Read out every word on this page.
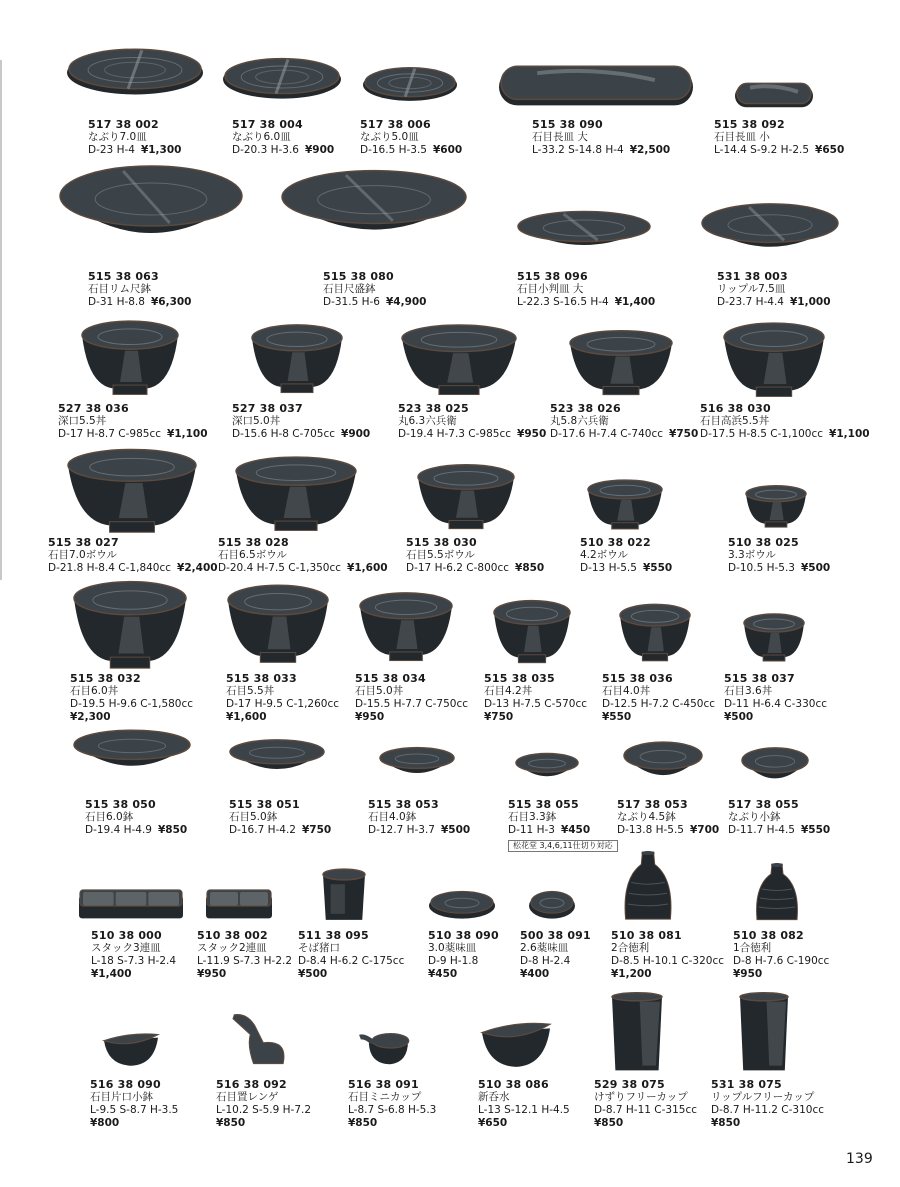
517 38 002
なぶり7.0皿
D-23 H-4 ¥1,300
517 38 004
なぶり6.0皿
D-20.3 H-3.6 ¥900
517 38 006
なぶり5.0皿
D-16.5 H-3.5 ¥600
515 38 090
石目長皿 大
L-33.2 S-14.8 H-4 ¥2,500
515 38 092
石目長皿 小
L-14.4 S-9.2 H-2.5 ¥650
515 38 063
石目リム尺鉢
D-31 H-8.8 ¥6,300
515 38 080
石目尺盛鉢
D-31.5 H-6 ¥4,900
515 38 096
石目小判皿 大
L-22.3 S-16.5 H-4 ¥1,400
531 38 003
リップル7.5皿
D-23.7 H-4.4 ¥1,000
527 38 036
深口5.5丼
D-17 H-8.7 C-985cc ¥1,100
527 38 037
深口5.0丼
D-15.6 H-8 C-705cc ¥900
523 38 025
丸6.3六兵衛
D-19.4 H-7.3 C-985cc ¥950
523 38 026
丸5.8六兵衛
D-17.6 H-7.4 C-740cc ¥750
516 38 030
石目高浜5.5丼
D-17.5 H-8.5 C-1,100cc ¥1,100
515 38 027
石目7.0ボウル
D-21.8 H-8.4 C-1,840cc ¥2,400
515 38 028
石目6.5ボウル
D-20.4 H-7.5 C-1,350cc ¥1,600
515 38 030
石目5.5ボウル
D-17 H-6.2 C-800cc ¥850
510 38 022
4.2ボウル
D-13 H-5.5 ¥550
510 38 025
3.3ボウル
D-10.5 H-5.3 ¥500
515 38 032
石目6.0丼
D-19.5 H-9.6 C-1,580cc
¥2,300
515 38 033
石目5.5丼
D-17 H-9.5 C-1,260cc
¥1,600
515 38 034
石目5.0丼
D-15.5 H-7.7 C-750cc
¥950
515 38 035
石目4.2丼
D-13 H-7.5 C-570cc
¥750
515 38 036
石目4.0丼
D-12.5 H-7.2 C-450cc
¥550
515 38 037
石目3.6丼
D-11 H-6.4 C-330cc
¥500
515 38 050
石目6.0鉢
D-19.4 H-4.9 ¥850
515 38 051
石目5.0鉢
D-16.7 H-4.2 ¥750
515 38 053
石目4.0鉢
D-12.7 H-3.7 ¥500
515 38 055
石目3.3鉢
D-11 H-3 ¥450
517 38 053
なぶり4.5鉢
D-13.8 H-5.5 ¥700
517 38 055
なぶり小鉢
D-11.7 H-4.5 ¥550
510 38 000
スタック3連皿
L-18 S-7.3 H-2.4
¥1,400
510 38 002
スタック2連皿
L-11.9 S-7.3 H-2.2
¥950
511 38 095
そば猪口
D-8.4 H-6.2 C-175cc
¥500
510 38 090
3.0薬味皿
D-9 H-1.8
¥450
500 38 091
2.6薬味皿
D-8 H-2.4
¥400
510 38 081
2合徳利
D-8.5 H-10.1 C-320cc
¥1,200
510 38 082
1合徳利
D-8 H-7.6 C-190cc
¥950
516 38 090
石目片口小鉢
L-9.5 S-8.7 H-3.5
¥800
516 38 092
石目置レンゲ
L-10.2 S-5.9 H-7.2
¥850
516 38 091
石目ミニカップ
L-8.7 S-6.8 H-5.3
¥850
510 38 086
新呑水
L-13 S-12.1 H-4.5
¥650
529 38 075
けずりフリーカップ
D-8.7 H-11 C-315cc
¥850
531 38 075
リップルフリーカップ
D-8.7 H-11.2 C-310cc
¥850
松花堂 3,4,6,11仕切り対応
139
